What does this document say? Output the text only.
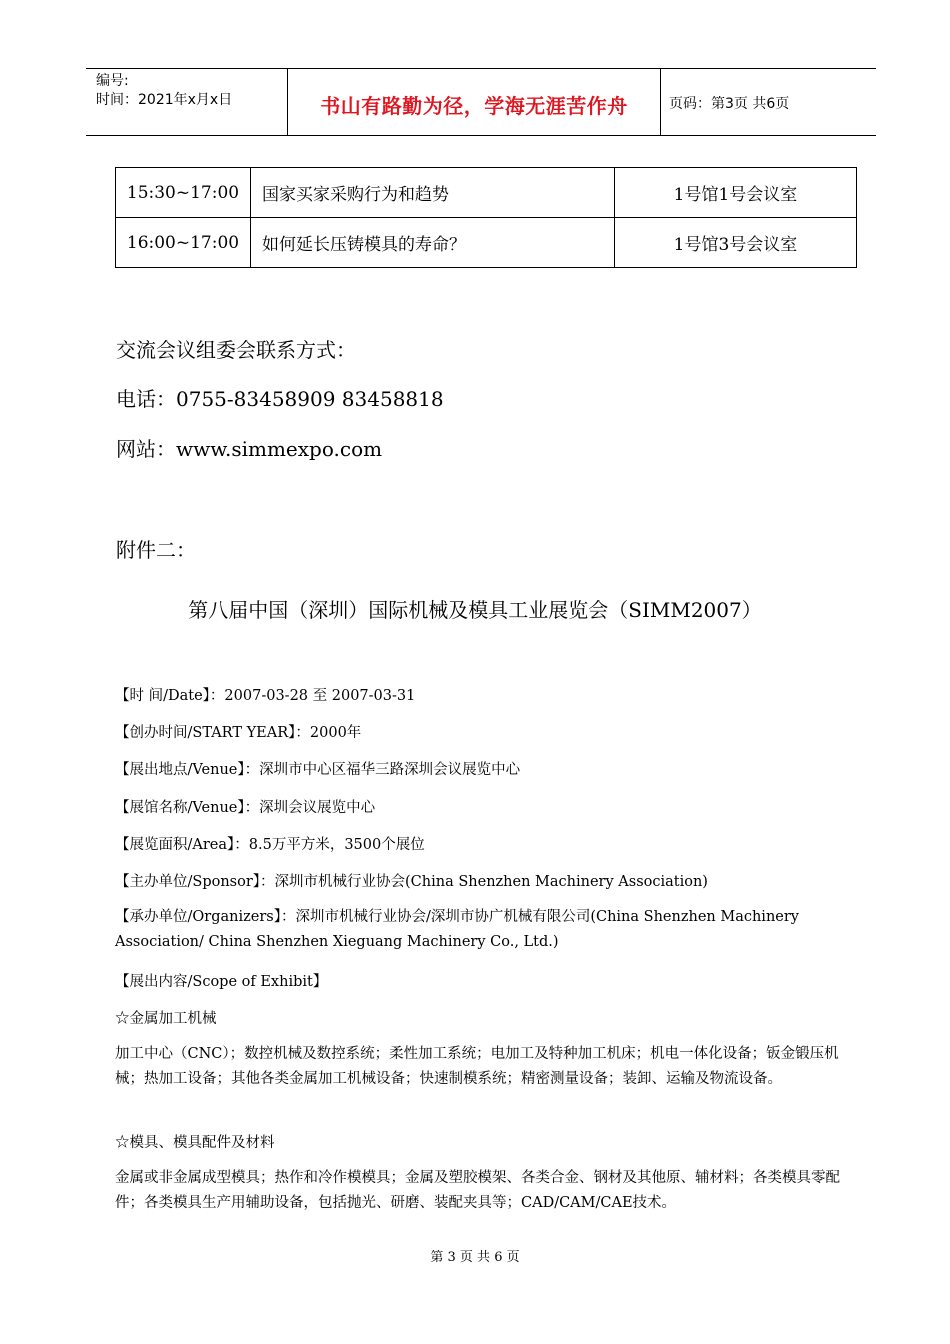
编号:
时间：2021年x月x日	书山有路勤为径，学海无涯苦作舟	页码：第3页 共6页
15:30~17:00	国家买家采购行为和趋势	1号馆1号会议室
16:00~17:00	如何延长压铸模具的寿命？	1号馆3号会议室
交流会议组委会联系方式：
电话：0755-83458909 83458818
网站：www.simmexpo.com
附件二：
第八届中国（深圳）国际机械及模具工业展览会（SIMM2007）
【时 间/Date】：2007-03-28 至 2007-03-31
【创办时间/START YEAR】：2000年
【展出地点/Venue】：深圳市中心区福华三路深圳会议展览中心
【展馆名称/Venue】：深圳会议展览中心
【展览面积/Area】：8.5万平方米，3500个展位
【主办单位/Sponsor】：深圳市机械行业协会(China Shenzhen Machinery Association)
【承办单位/Organizers】：深圳市机械行业协会/深圳市协广机械有限公司(China Shenzhen Machinery Association/ China Shenzhen Xieguang Machinery Co., Ltd.)
【展出内容/Scope of Exhibit】
☆金属加工机械
加工中心（CNC）；数控机械及数控系统；柔性加工系统；电加工及特种加工机床；机电一体化设备；钣金锻压机械；热加工设备；其他各类金属加工机械设备；快速制模系统；精密测量设备；装卸、运输及物流设备。
☆模具、模具配件及材料
金属或非金属成型模具；热作和冷作模模具；金属及塑胶模架、各类合金、钢材及其他原、辅材料；各类模具零配件；各类模具生产用辅助设备，包括抛光、研磨、装配夹具等；CAD/CAM/CAE技术。
第 3 页 共 6 页
